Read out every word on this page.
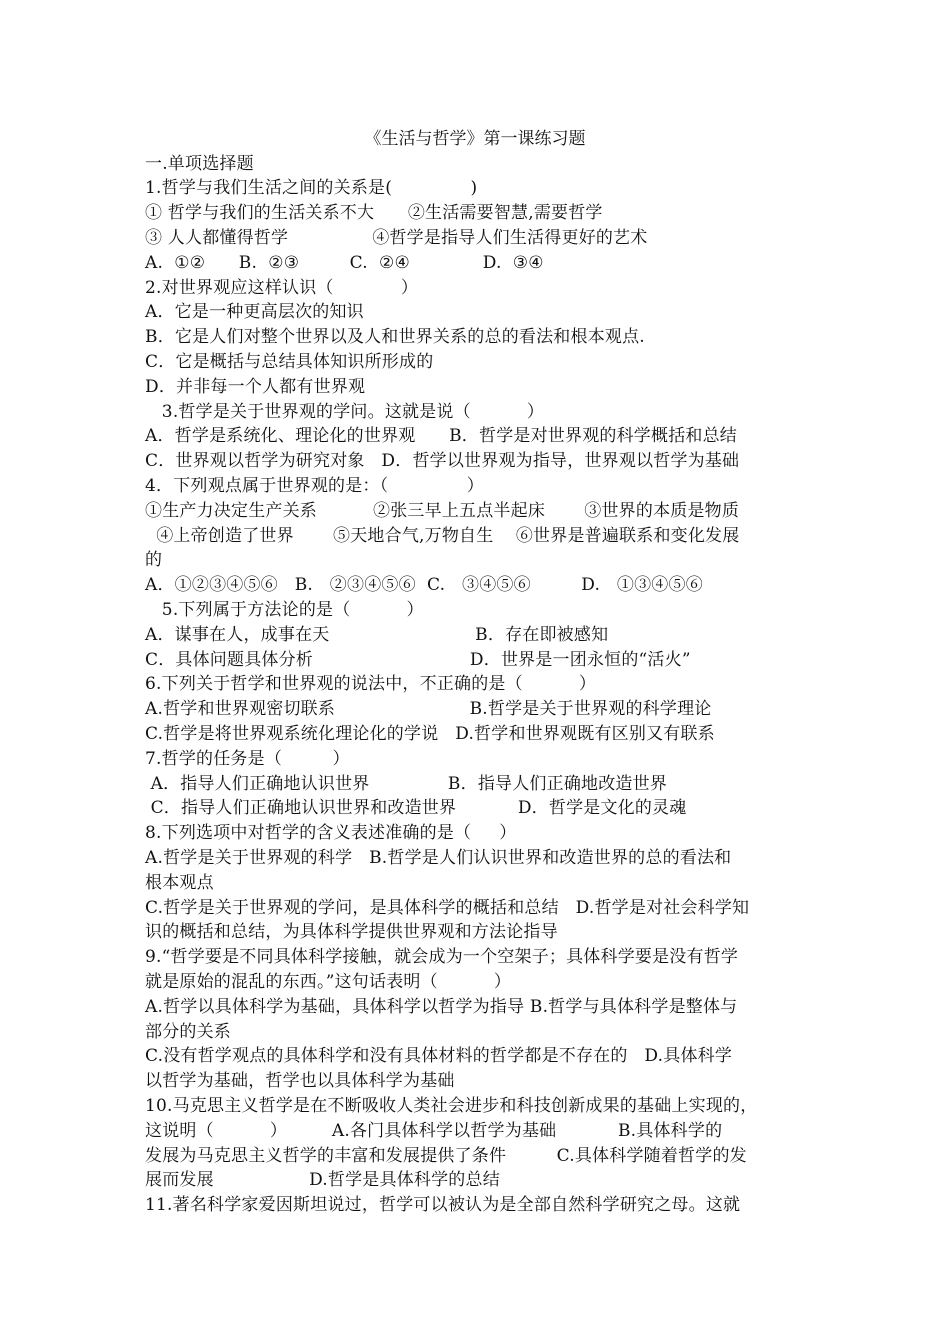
《生活与哲学》第一课练习题
一.单项选择题
1.哲学与我们生活之间的关系是(              )
① 哲学与我们的生活关系不大      ②生活需要智慧,需要哲学
③ 人人都懂得哲学               ④哲学是指导人们生活得更好的艺术
A.  ①②      B.  ②③         C.  ②④             D.  ③④
2.对世界观应这样认识（            ）
A．它是一种更高层次的知识
B．它是人们对整个世界以及人和世界关系的总的看法和根本观点.
C．它是概括与总结具体知识所形成的
D．并非每一个人都有世界观
3.哲学是关于世界观的学问。这就是说（          ）
A．哲学是系统化、理论化的世界观      B．哲学是对世界观的科学概括和总结
C．世界观以哲学为研究对象   D．哲学以世界观为指导，世界观以哲学为基础
4．下列观点属于世界观的是：（              ）
①生产力决定生产关系          ②张三早上五点半起床       ③世界的本质是物质
④上帝创造了世界       ⑤天地合气,万物自生    ⑥世界是普遍联系和变化发展
的
A．①②③④⑤⑥   B.   ②③④⑤⑥  C.   ③④⑤⑥         D.   ①③④⑤⑥
5.下列属于方法论的是（          ）
A．谋事在人，成事在天                          B．存在即被感知
C．具体问题具体分析                            D．世界是一团永恒的“活火”
6.下列关于哲学和世界观的说法中，不正确的是（          ）
A.哲学和世界观密切联系                        B.哲学是关于世界观的科学理论
C.哲学是将世界观系统化理论化的学说   D.哲学和世界观既有区别又有联系
7.哲学的任务是（         ）
A．指导人们正确地认识世界              B．指导人们正确地改造世界
C．指导人们正确地认识世界和改造世界           D．哲学是文化的灵魂
8.下列选项中对哲学的含义表述准确的是（     ）
A.哲学是关于世界观的科学   B.哲学是人们认识世界和改造世界的总的看法和
根本观点
C.哲学是关于世界观的学问，是具体科学的概括和总结   D.哲学是对社会科学知
识的概括和总结，为具体科学提供世界观和方法论指导
9.“哲学要是不同具体科学接触，就会成为一个空架子；具体科学要是没有哲学
就是原始的混乱的东西。”这句话表明（          ）
A.哲学以具体科学为基础，具体科学以哲学为指导 B.哲学与具体科学是整体与
部分的关系
C.没有哲学观点的具体科学和没有具体材料的哲学都是不存在的   D.具体科学
以哲学为基础，哲学也以具体科学为基础
10.马克思主义哲学是在不断吸收人类社会进步和科技创新成果的基础上实现的，
这说明（          ）        A.各门具体科学以哲学为基础           B.具体科学的
发展为马克思主义哲学的丰富和发展提供了条件         C.具体科学随着哲学的发
展而发展                 D.哲学是具体科学的总结
11.著名科学家爱因斯坦说过，哲学可以被认为是全部自然科学研究之母。这就
